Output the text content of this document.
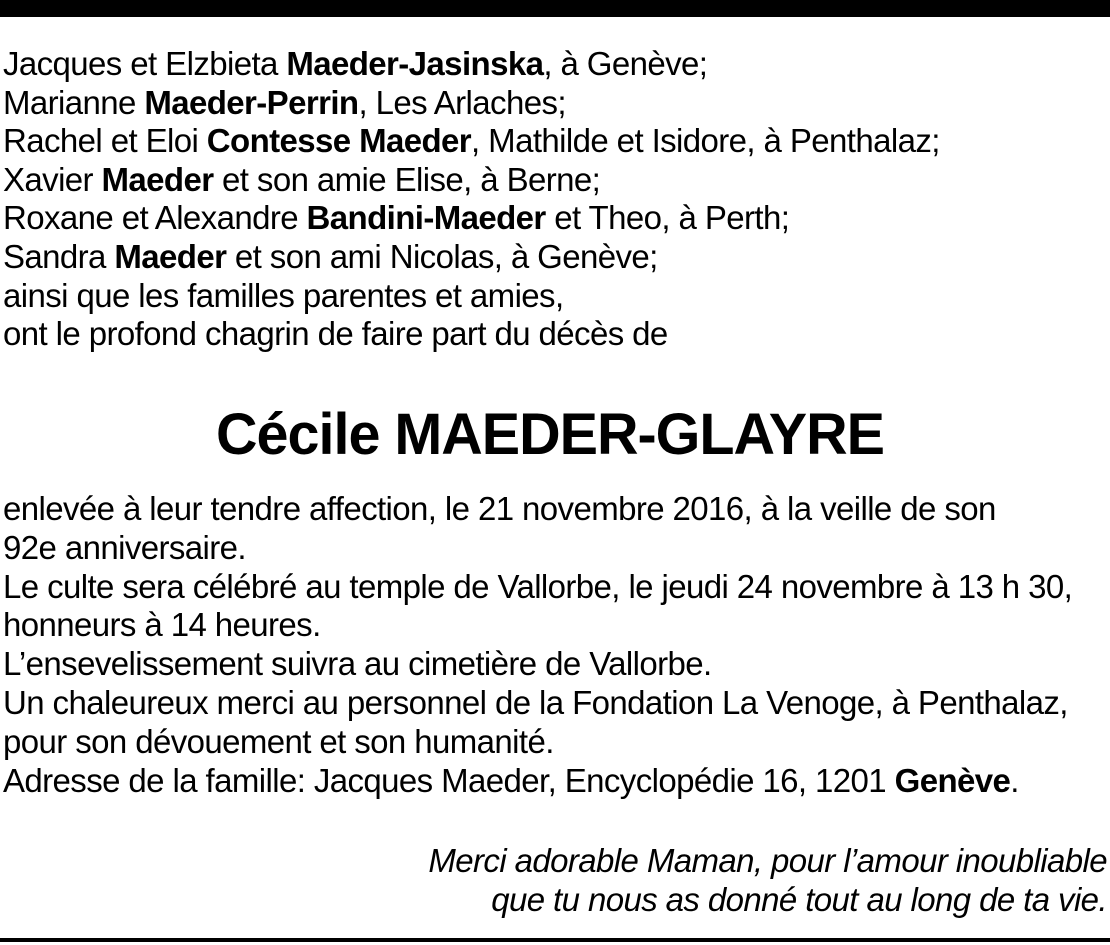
Jacques et Elzbieta Maeder-Jasinska, à Genève;
Marianne Maeder-Perrin, Les Arlaches;
Rachel et Eloi Contesse Maeder, Mathilde et Isidore, à Penthalaz;
Xavier Maeder et son amie Elise, à Berne;
Roxane et Alexandre Bandini-Maeder et Theo, à Perth;
Sandra Maeder et son ami Nicolas, à Genève;
ainsi que les familles parentes et amies,
ont le profond chagrin de faire part du décès de
Cécile MAEDER-GLAYRE
enlevée à leur tendre affection, le 21 novembre 2016, à la veille de son
92e anniversaire.
Le culte sera célébré au temple de Vallorbe, le jeudi 24 novembre à 13 h 30,
honneurs à 14 heures.
L’ensevelissement suivra au cimetière de Vallorbe.
Un chaleureux merci au personnel de la Fondation La Venoge, à Penthalaz,
pour son dévouement et son humanité.
Adresse de la famille: Jacques Maeder, Encyclopédie 16, 1201 Genève.
Merci adorable Maman, pour l’amour inoubliable
que tu nous as donné tout au long de ta vie.
